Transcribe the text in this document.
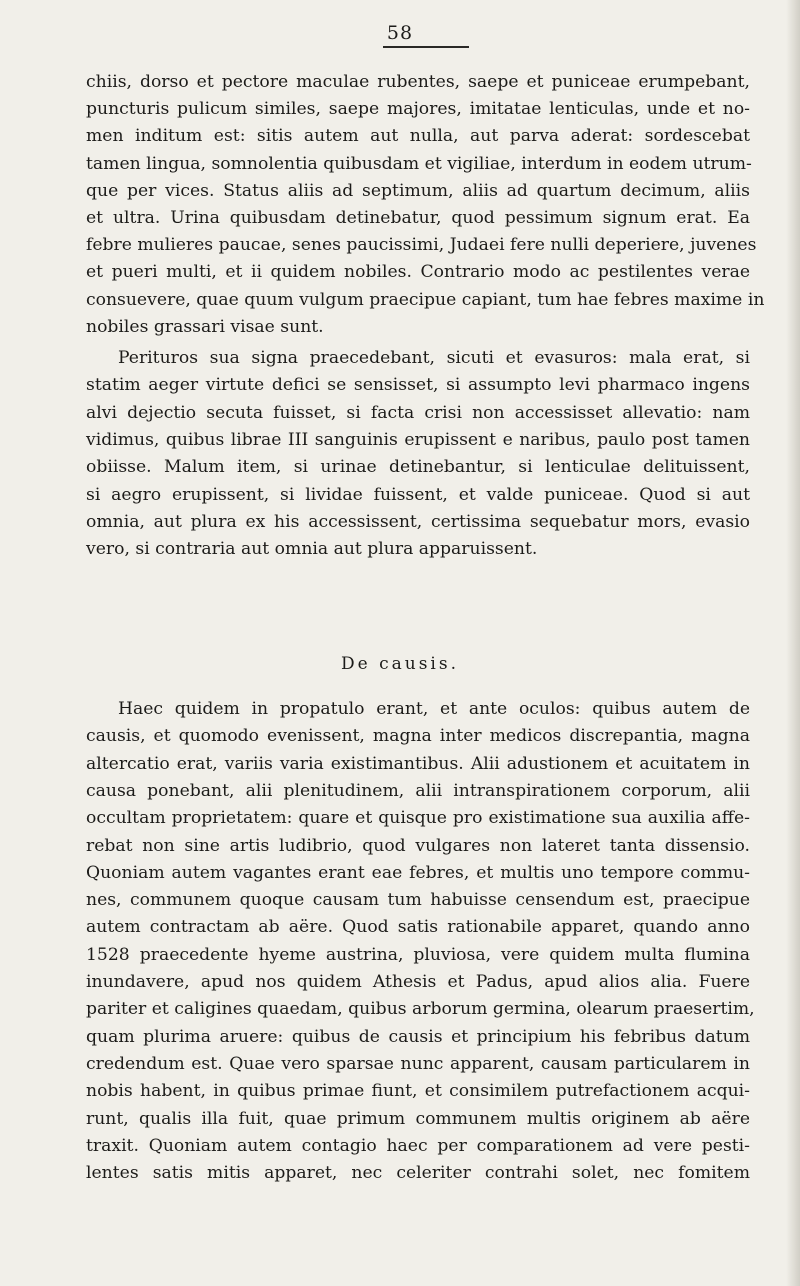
58
chiis, dorso et pectore maculae rubentes, saepe et puniceae erumpebant,
puncturis pulicum similes, saepe majores, imitatae lenticulas, unde et no-
men inditum est: sitis autem aut nulla, aut parva aderat: sordescebat
tamen lingua, somnolentia quibusdam et vigiliae, interdum in eodem utrum-
que per vices. Status aliis ad septimum, aliis ad quartum decimum, aliis
et ultra. Urina quibusdam detinebatur, quod pessimum signum erat. Ea
febre mulieres paucae, senes paucissimi, Judaei fere nulli deperiere, juvenes
et pueri multi, et ii quidem nobiles. Contrario modo ac pestilentes verae
consuevere, quae quum vulgum praecipue capiant, tum hae febres maxime in
nobiles grassari visae sunt.
Perituros sua signa praecedebant, sicuti et evasuros: mala erat, si
statim aeger virtute defici se sensisset, si assumpto levi pharmaco ingens
alvi dejectio secuta fuisset, si facta crisi non accessisset allevatio: nam
vidimus, quibus librae III sanguinis erupissent e naribus, paulo post tamen
obiisse. Malum item, si urinae detinebantur, si lenticulae delituissent,
si aegro erupissent, si lividae fuissent, et valde puniceae. Quod si aut
omnia, aut plura ex his accessissent, certissima sequebatur mors, evasio
vero, si contraria aut omnia aut plura apparuissent.
De causis.
Haec quidem in propatulo erant, et ante oculos: quibus autem de
causis, et quomodo evenissent, magna inter medicos discrepantia, magna
altercatio erat, variis varia existimantibus. Alii adustionem et acuitatem in
causa ponebant, alii plenitudinem, alii intranspirationem corporum, alii
occultam proprietatem: quare et quisque pro existimatione sua auxilia affe-
rebat non sine artis ludibrio, quod vulgares non lateret tanta dissensio.
Quoniam autem vagantes erant eae febres, et multis uno tempore commu-
nes, communem quoque causam tum habuisse censendum est, praecipue
autem contractam ab aëre. Quod satis rationabile apparet, quando anno
1528 praecedente hyeme austrina, pluviosa, vere quidem multa flumina
inundavere, apud nos quidem Athesis et Padus, apud alios alia. Fuere
pariter et caligines quaedam, quibus arborum germina, olearum praesertim,
quam plurima aruere: quibus de causis et principium his febribus datum
credendum est. Quae vero sparsae nunc apparent, causam particularem in
nobis habent, in quibus primae fiunt, et consimilem putrefactionem acqui-
runt, qualis illa fuit, quae primum communem multis originem ab aëre
traxit. Quoniam autem contagio haec per comparationem ad vere pesti-
lentes satis mitis apparet, nec celeriter contrahi solet, nec fomitem
